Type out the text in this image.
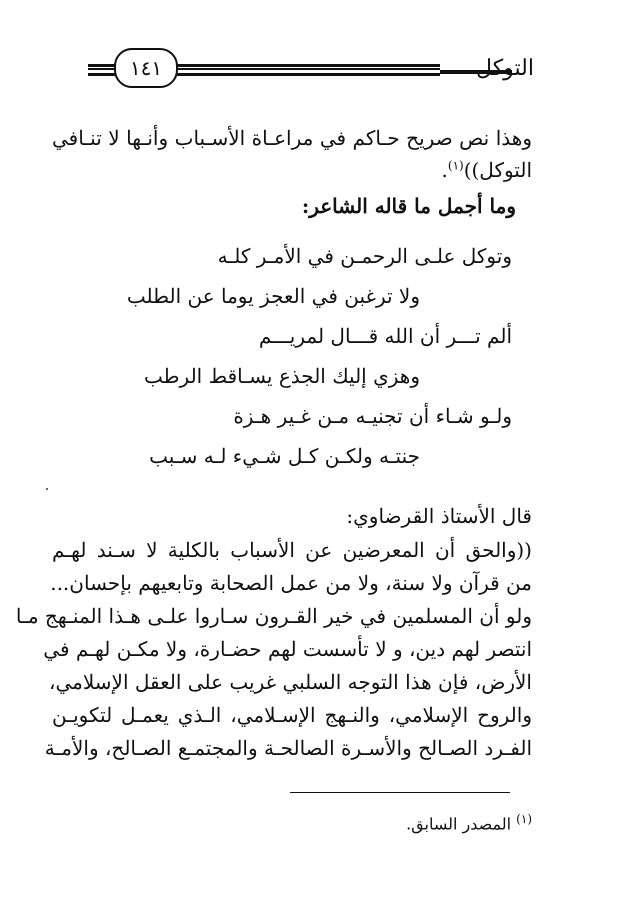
التوكل
١٤١
وهذا نص صريح حـاكم في مراعـاة الأسـباب وأنـها لا تنـافي
التوكل))$^{(١)}$.
وما أجمل ما قاله الشاعر:
وتوكل علـى الرحمـن في الأمـر كلـه
ولا ترغبن في العجز يوما عن الطلب
ألم تـــر أن الله قـــال لمريـــم
وهزي إليك الجذع يسـاقط الرطب
ولـو شـاء أن تجنيـه مـن غـير هـزة
جنتـه ولكـن كـل شـيء لـه سـبب
قال الأستاذ القرضاوي:
((والحق أن المعرضين عن الأسباب بالكلية لا سـند لهـم
من قرآن ولا سنة، ولا من عمل الصحابة وتابعيهم بإحسان...
ولو أن المسلمين في خير القـرون سـاروا علـى هـذا المنـهج مـا
انتصر لهم دين، و لا تأسست لهم حضـارة، ولا مكـن لهـم في
الأرض، فإن هذا التوجه السلبي غريب على العقل الإسلامي،
والروح الإسلامي، والنـهج الإسـلامي، الـذي يعمـل لتكويـن
الفـرد الصـالح والأسـرة الصالحـة والمجتمـع الصـالح، والأمـة
$^{(١)}$ المصدر السابق.
